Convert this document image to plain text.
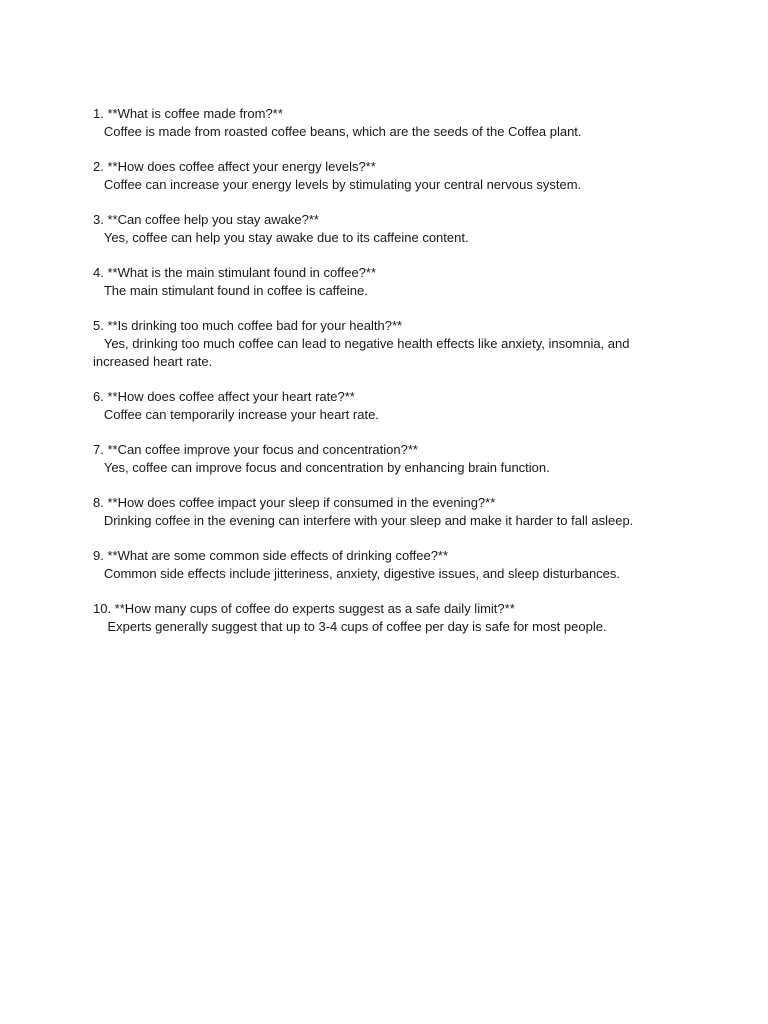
1. **What is coffee made from?**

Coffee is made from roasted coffee beans, which are the seeds of the Coffea plant.

2. **How does coffee affect your energy levels?**

Coffee can increase your energy levels by stimulating your central nervous system.

3. **Can coffee help you stay awake?**

Yes, coffee can help you stay awake due to its caffeine content.

4. **What is the main stimulant found in coffee?**

The main stimulant found in coffee is caffeine.

5. **Is drinking too much coffee bad for your health?**

Yes, drinking too much coffee can lead to negative health effects like anxiety, insomnia, and increased heart rate.

6. **How does coffee affect your heart rate?**

Coffee can temporarily increase your heart rate.

7. **Can coffee improve your focus and concentration?**

Yes, coffee can improve focus and concentration by enhancing brain function.

8. **How does coffee impact your sleep if consumed in the evening?**

Drinking coffee in the evening can interfere with your sleep and make it harder to fall asleep.

9. **What are some common side effects of drinking coffee?**

Common side effects include jitteriness, anxiety, digestive issues, and sleep disturbances.

10. **How many cups of coffee do experts suggest as a safe daily limit?**

Experts generally suggest that up to 3-4 cups of coffee per day is safe for most people.
